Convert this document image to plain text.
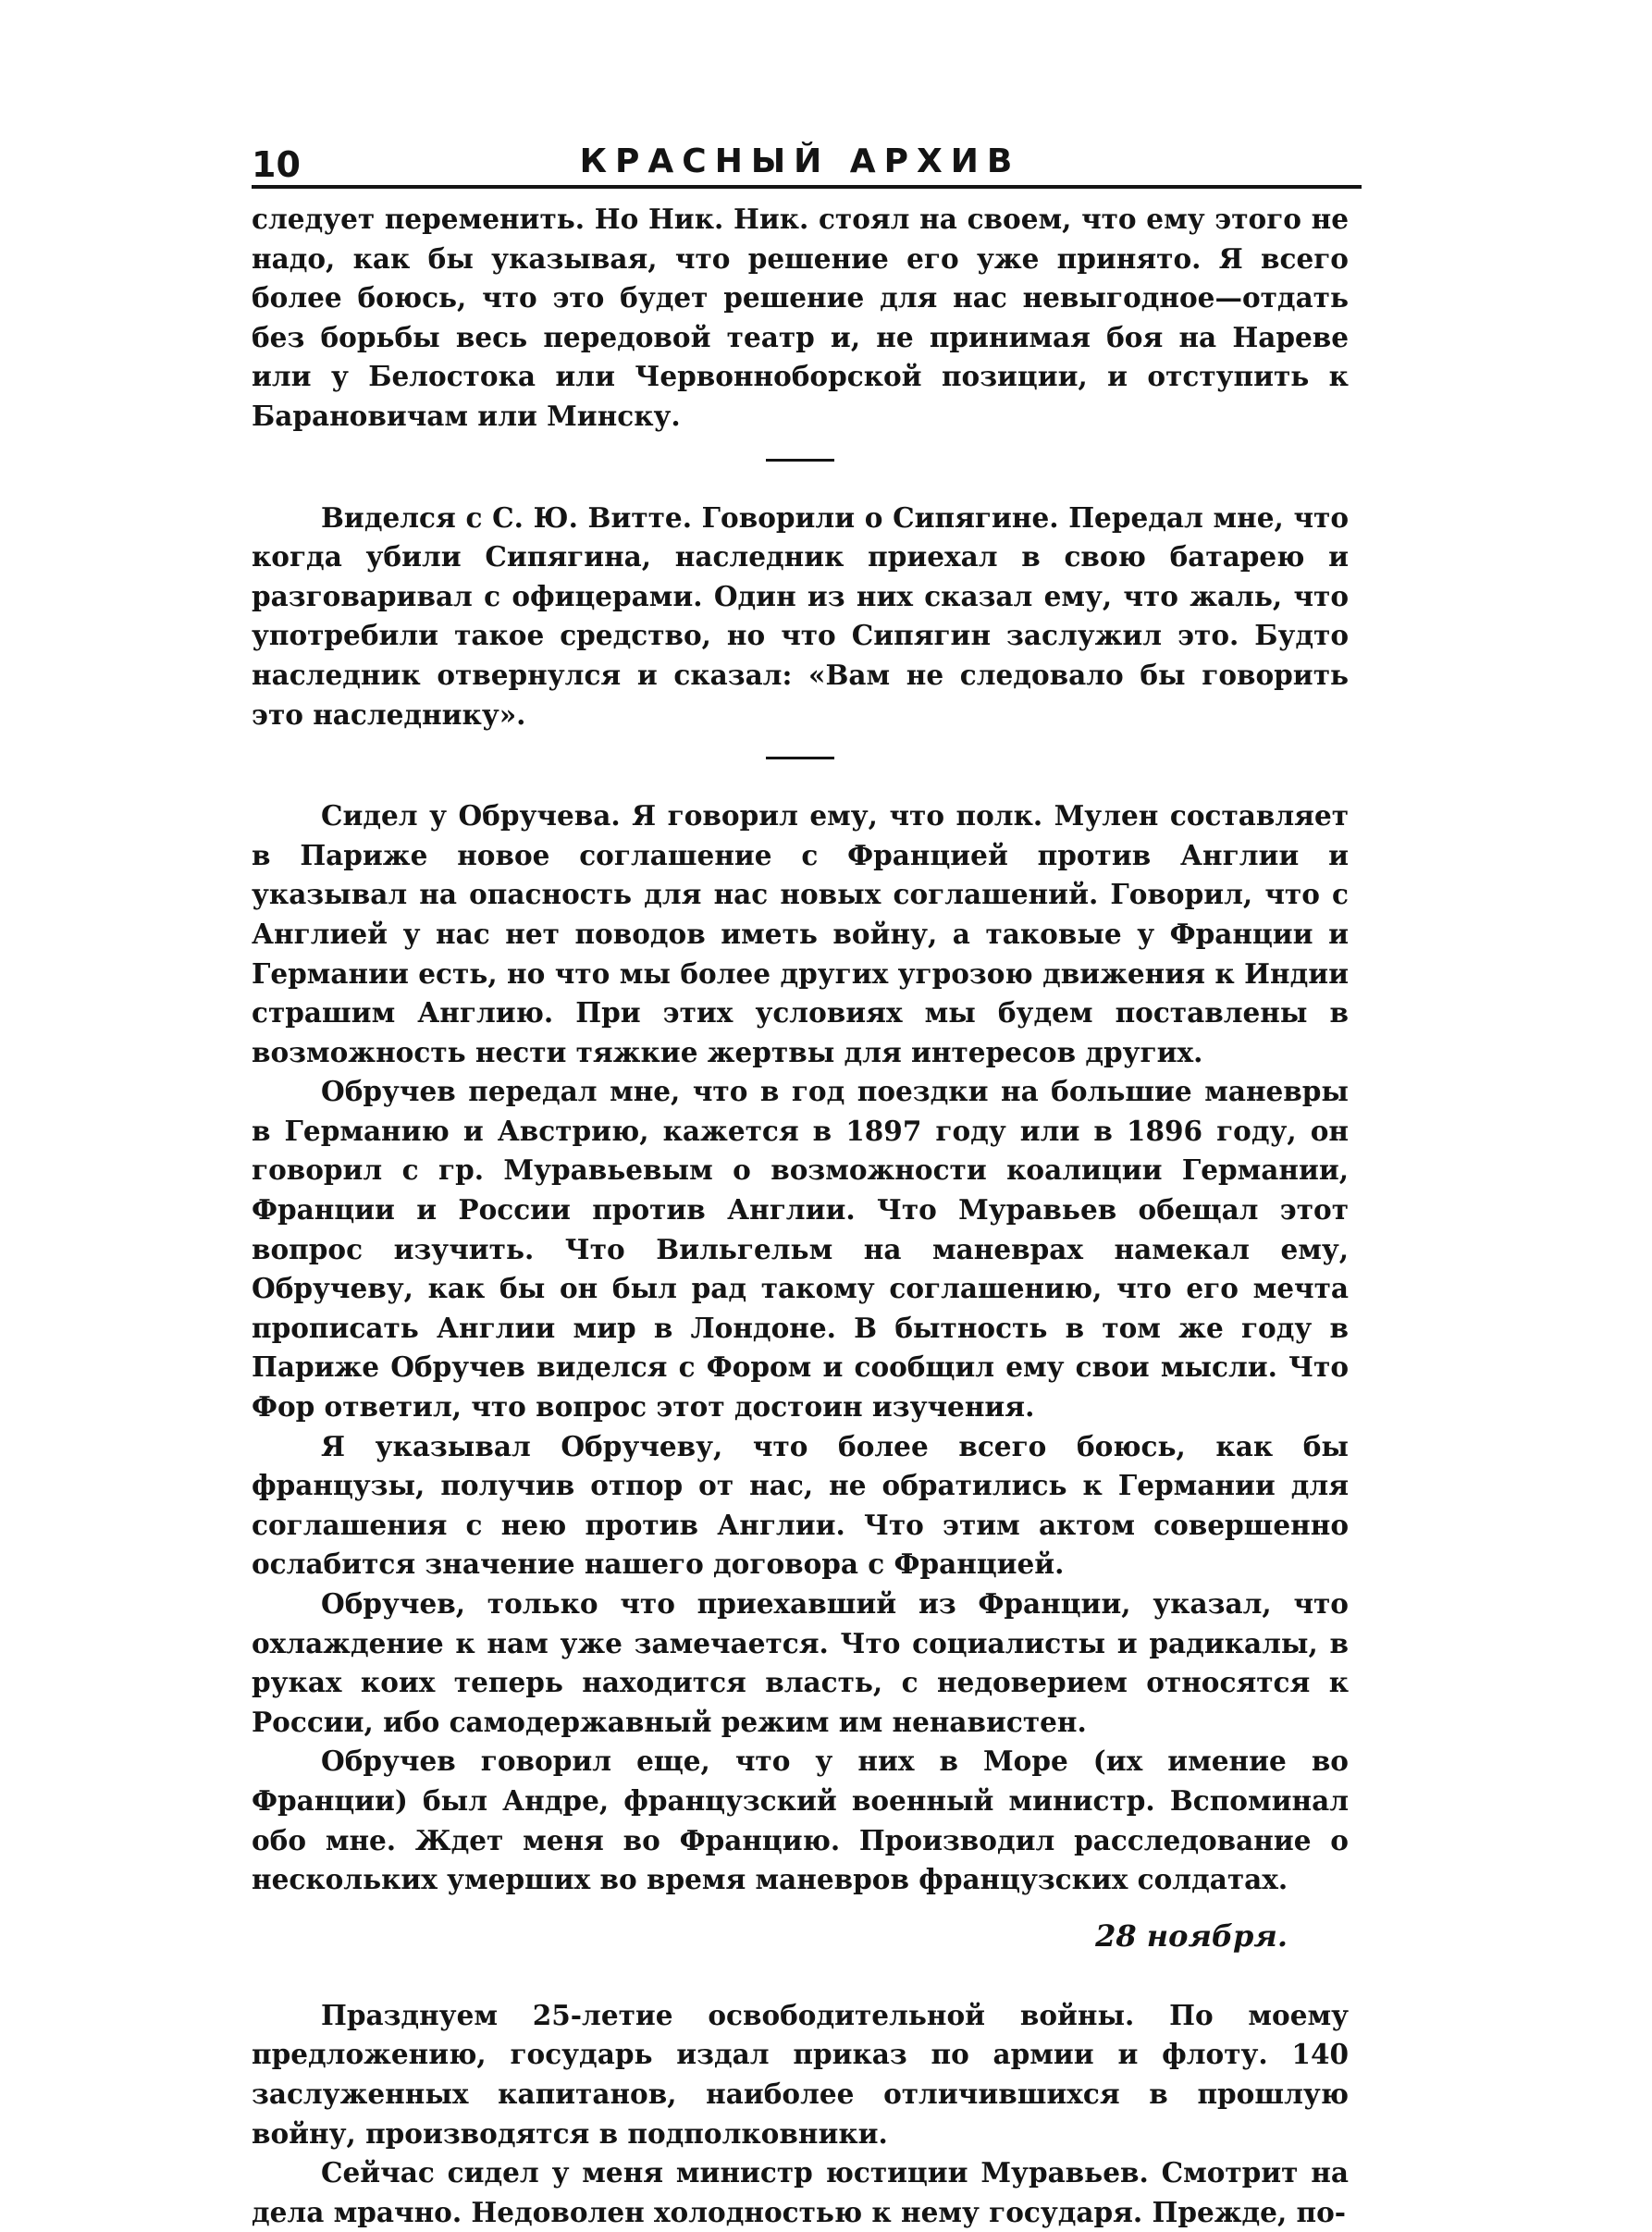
10	КРАСНЫЙ АРХИВ

следует переменить. Но Ник. Ник. стоял на своем, что ему этого не надо, как бы указывая, что решение его уже принято. Я всего более боюсь, что это будет решение для нас невыгодное—отдать без борьбы весь передовой театр и, не принимая боя на Нареве или у Белостока или Червонноборской позиции, и отступить к Барановичам или Минску.

Виделся с С. Ю. Витте. Говорили о Сипягине. Передал мне, что когда убили Сипягина, наследник приехал в свою батарею и разговаривал с офицерами. Один из них сказал ему, что жаль, что употребили такое средство, но что Сипягин заслужил это. Будто наследник отвернулся и сказал: «Вам не следовало бы говорить это наследнику».

Сидел у Обручева. Я говорил ему, что полк. Мулен составляет в Париже новое соглашение с Францией против Англии и указывал на опасность для нас новых соглашений. Говорил, что с Англией у нас нет поводов иметь войну, а таковые у Франции и Германии есть, но что мы более других угрозою движения к Индии страшим Англию. При этих условиях мы будем поставлены в возможность нести тяжкие жертвы для интересов других.

Обручев передал мне, что в год поездки на большие маневры в Германию и Австрию, кажется в 1897 году или в 1896 году, он говорил с гр. Муравьевым о возможности коалиции Германии, Франции и России против Англии. Что Муравьев обещал этот вопрос изучить. Что Вильгельм на маневрах намекал ему, Обручеву, как бы он был рад такому соглашению, что его мечта прописать Англии мир в Лондоне. В бытность в том же году в Париже Обручев виделся с Фором и сообщил ему свои мысли. Что Фор ответил, что вопрос этот достоин изучения.

Я указывал Обручеву, что более всего боюсь, как бы французы, получив отпор от нас, не обратились к Германии для соглашения с нею против Англии. Что этим актом совершенно ослабится значение нашего договора с Францией.

Обручев, только что приехавший из Франции, указал, что охлаждение к нам уже замечается. Что социалисты и радикалы, в руках коих теперь находится власть, с недоверием относятся к России, ибо самодержавный режим им ненавистен.

Обручев говорил еще, что у них в Море (их имение во Франции) был Андре, французский военный министр. Вспоминал обо мне. Ждет меня во Францию. Производил расследование о нескольких умерших во время маневров французских солдатах.

28 ноября.

Празднуем 25-летие освободительной войны. По моему предложению, государь издал приказ по армии и флоту. 140 заслуженных капитанов, наиболее отличившихся в прошлую войну, производятся в подполковники.

Сейчас сидел у меня министр юстиции Муравьев. Смотрит на дела мрачно. Недоволен холодностью к нему государя. Прежде, по-
